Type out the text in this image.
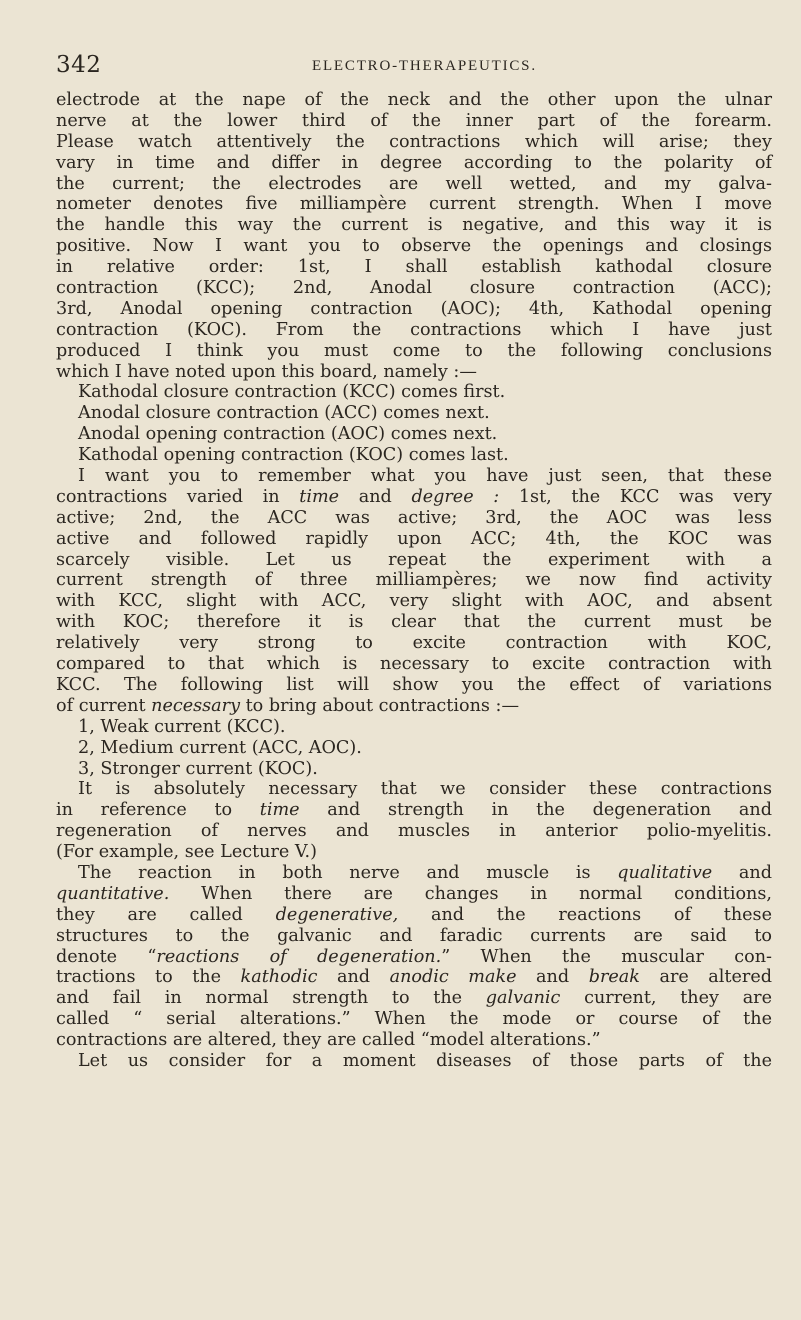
342	ELECTRO-THERAPEUTICS.
electrode at the nape of the neck and the other upon the ulnar
nerve at the lower third of the inner part of the forearm.
Please watch attentively the contractions which will arise; they
vary in time and differ in degree according to the polarity of
the current; the electrodes are well wetted, and my galva-
nometer denotes five milliampère current strength. When I move
the handle this way the current is negative, and this way it is
positive. Now I want you to observe the openings and closings
in relative order: 1st, I shall establish kathodal closure
contraction (KCC); 2nd, Anodal closure contraction (ACC);
3rd, Anodal opening contraction (AOC); 4th, Kathodal opening
contraction (KOC). From the contractions which I have just
produced I think you must come to the following conclusions
which I have noted upon this board, namely :—
Kathodal closure contraction (KCC) comes first.
Anodal closure contraction (ACC) comes next.
Anodal opening contraction (AOC) comes next.
Kathodal opening contraction (KOC) comes last.
I want you to remember what you have just seen, that these
contractions varied in time and degree : 1st, the KCC was very
active; 2nd, the ACC was active; 3rd, the AOC was less
active and followed rapidly upon ACC; 4th, the KOC was
scarcely visible. Let us repeat the experiment with a
current strength of three milliampères; we now find activity
with KCC, slight with ACC, very slight with AOC, and absent
with KOC; therefore it is clear that the current must be
relatively very strong to excite contraction with KOC,
compared to that which is necessary to excite contraction with
KCC. The following list will show you the effect of variations
of current necessary to bring about contractions :—
1, Weak current (KCC).
2, Medium current (ACC, AOC).
3, Stronger current (KOC).
It is absolutely necessary that we consider these contractions
in reference to time and strength in the degeneration and
regeneration of nerves and muscles in anterior polio-myelitis.
(For example, see Lecture V.)
The reaction in both nerve and muscle is qualitative and
quantitative. When there are changes in normal conditions,
they are called degenerative, and the reactions of these
structures to the galvanic and faradic currents are said to
denote “reactions of degeneration.” When the muscular con-
tractions to the kathodic and anodic make and break are altered
and fail in normal strength to the galvanic current, they are
called “ serial alterations.” When the mode or course of the
contractions are altered, they are called “model alterations.”
Let us consider for a moment diseases of those parts of the
